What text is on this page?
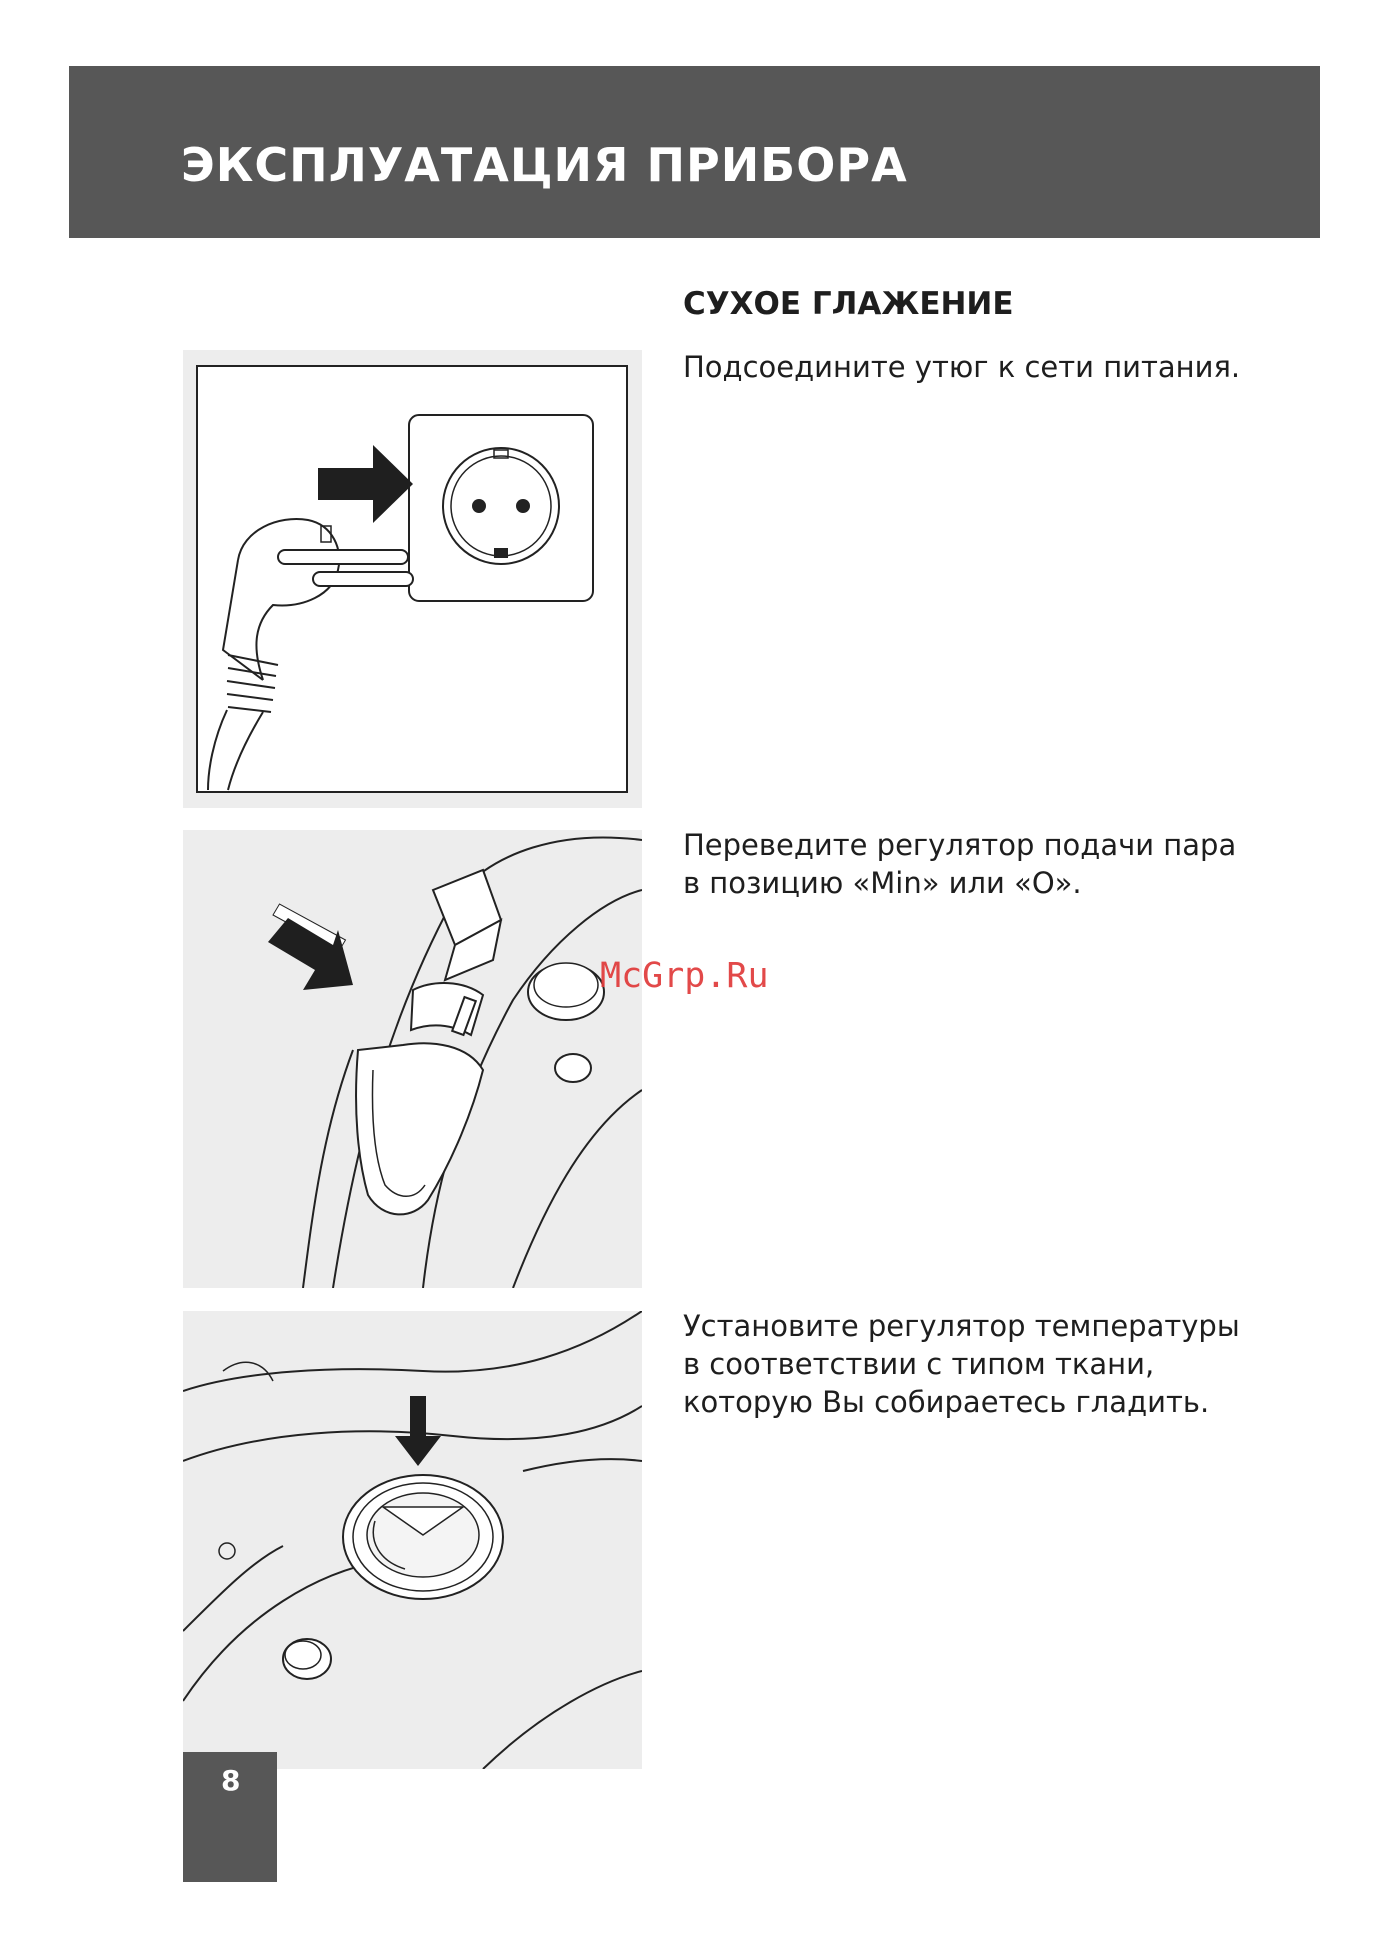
ЭКСПЛУАТАЦИЯ ПРИБОРА
СУХОЕ ГЛАЖЕНИЕ

Подсоедините утюг к сети питания.

Переведите регулятор подачи пара

в позицию «Min» или «O».

McGrp.Ru

Установите регулятор температуры

в соответствии с типом ткани,

которую Вы собираетесь гладить.

8
